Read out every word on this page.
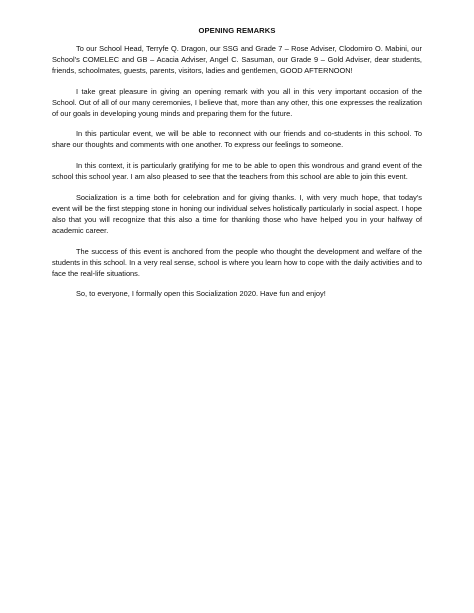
OPENING REMARKS

To our School Head, Terryfe Q. Dragon, our SSG and Grade 7 – Rose Adviser, Clodomiro O. Mabini, our School’s COMELEC and GB – Acacia Adviser, Angel C. Sasuman, our Grade 9 – Gold Adviser, dear students, friends, schoolmates, guests, parents, visitors, ladies and gentlemen, GOOD AFTERNOON!

I take great pleasure in giving an opening remark with you all in this very important occasion of the School. Out of all of our many ceremonies, I believe that, more than any other, this one expresses the realization of our goals in developing young minds and preparing them for the future.

In this particular event, we will be able to reconnect with our friends and co-students in this school. To share our thoughts and comments with one another. To express our feelings to someone.

In this context, it is particularly gratifying for me to be able to open this wondrous and grand event of the school this school year. I am also pleased to see that the teachers from this school are able to join this event.

Socialization is a time both for celebration and for giving thanks. I, with very much hope, that today’s event will be the first stepping stone in honing our individual selves holistically particularly in social aspect. I hope also that you will recognize that this also a time for thanking those who have helped you in your halfway of academic career.

The success of this event is anchored from the people who thought the development and welfare of the students in this school. In a very real sense, school is where you learn how to cope with the daily activities and to face the real-life situations.

So, to everyone, I formally open this Socialization 2020. Have fun and enjoy!
